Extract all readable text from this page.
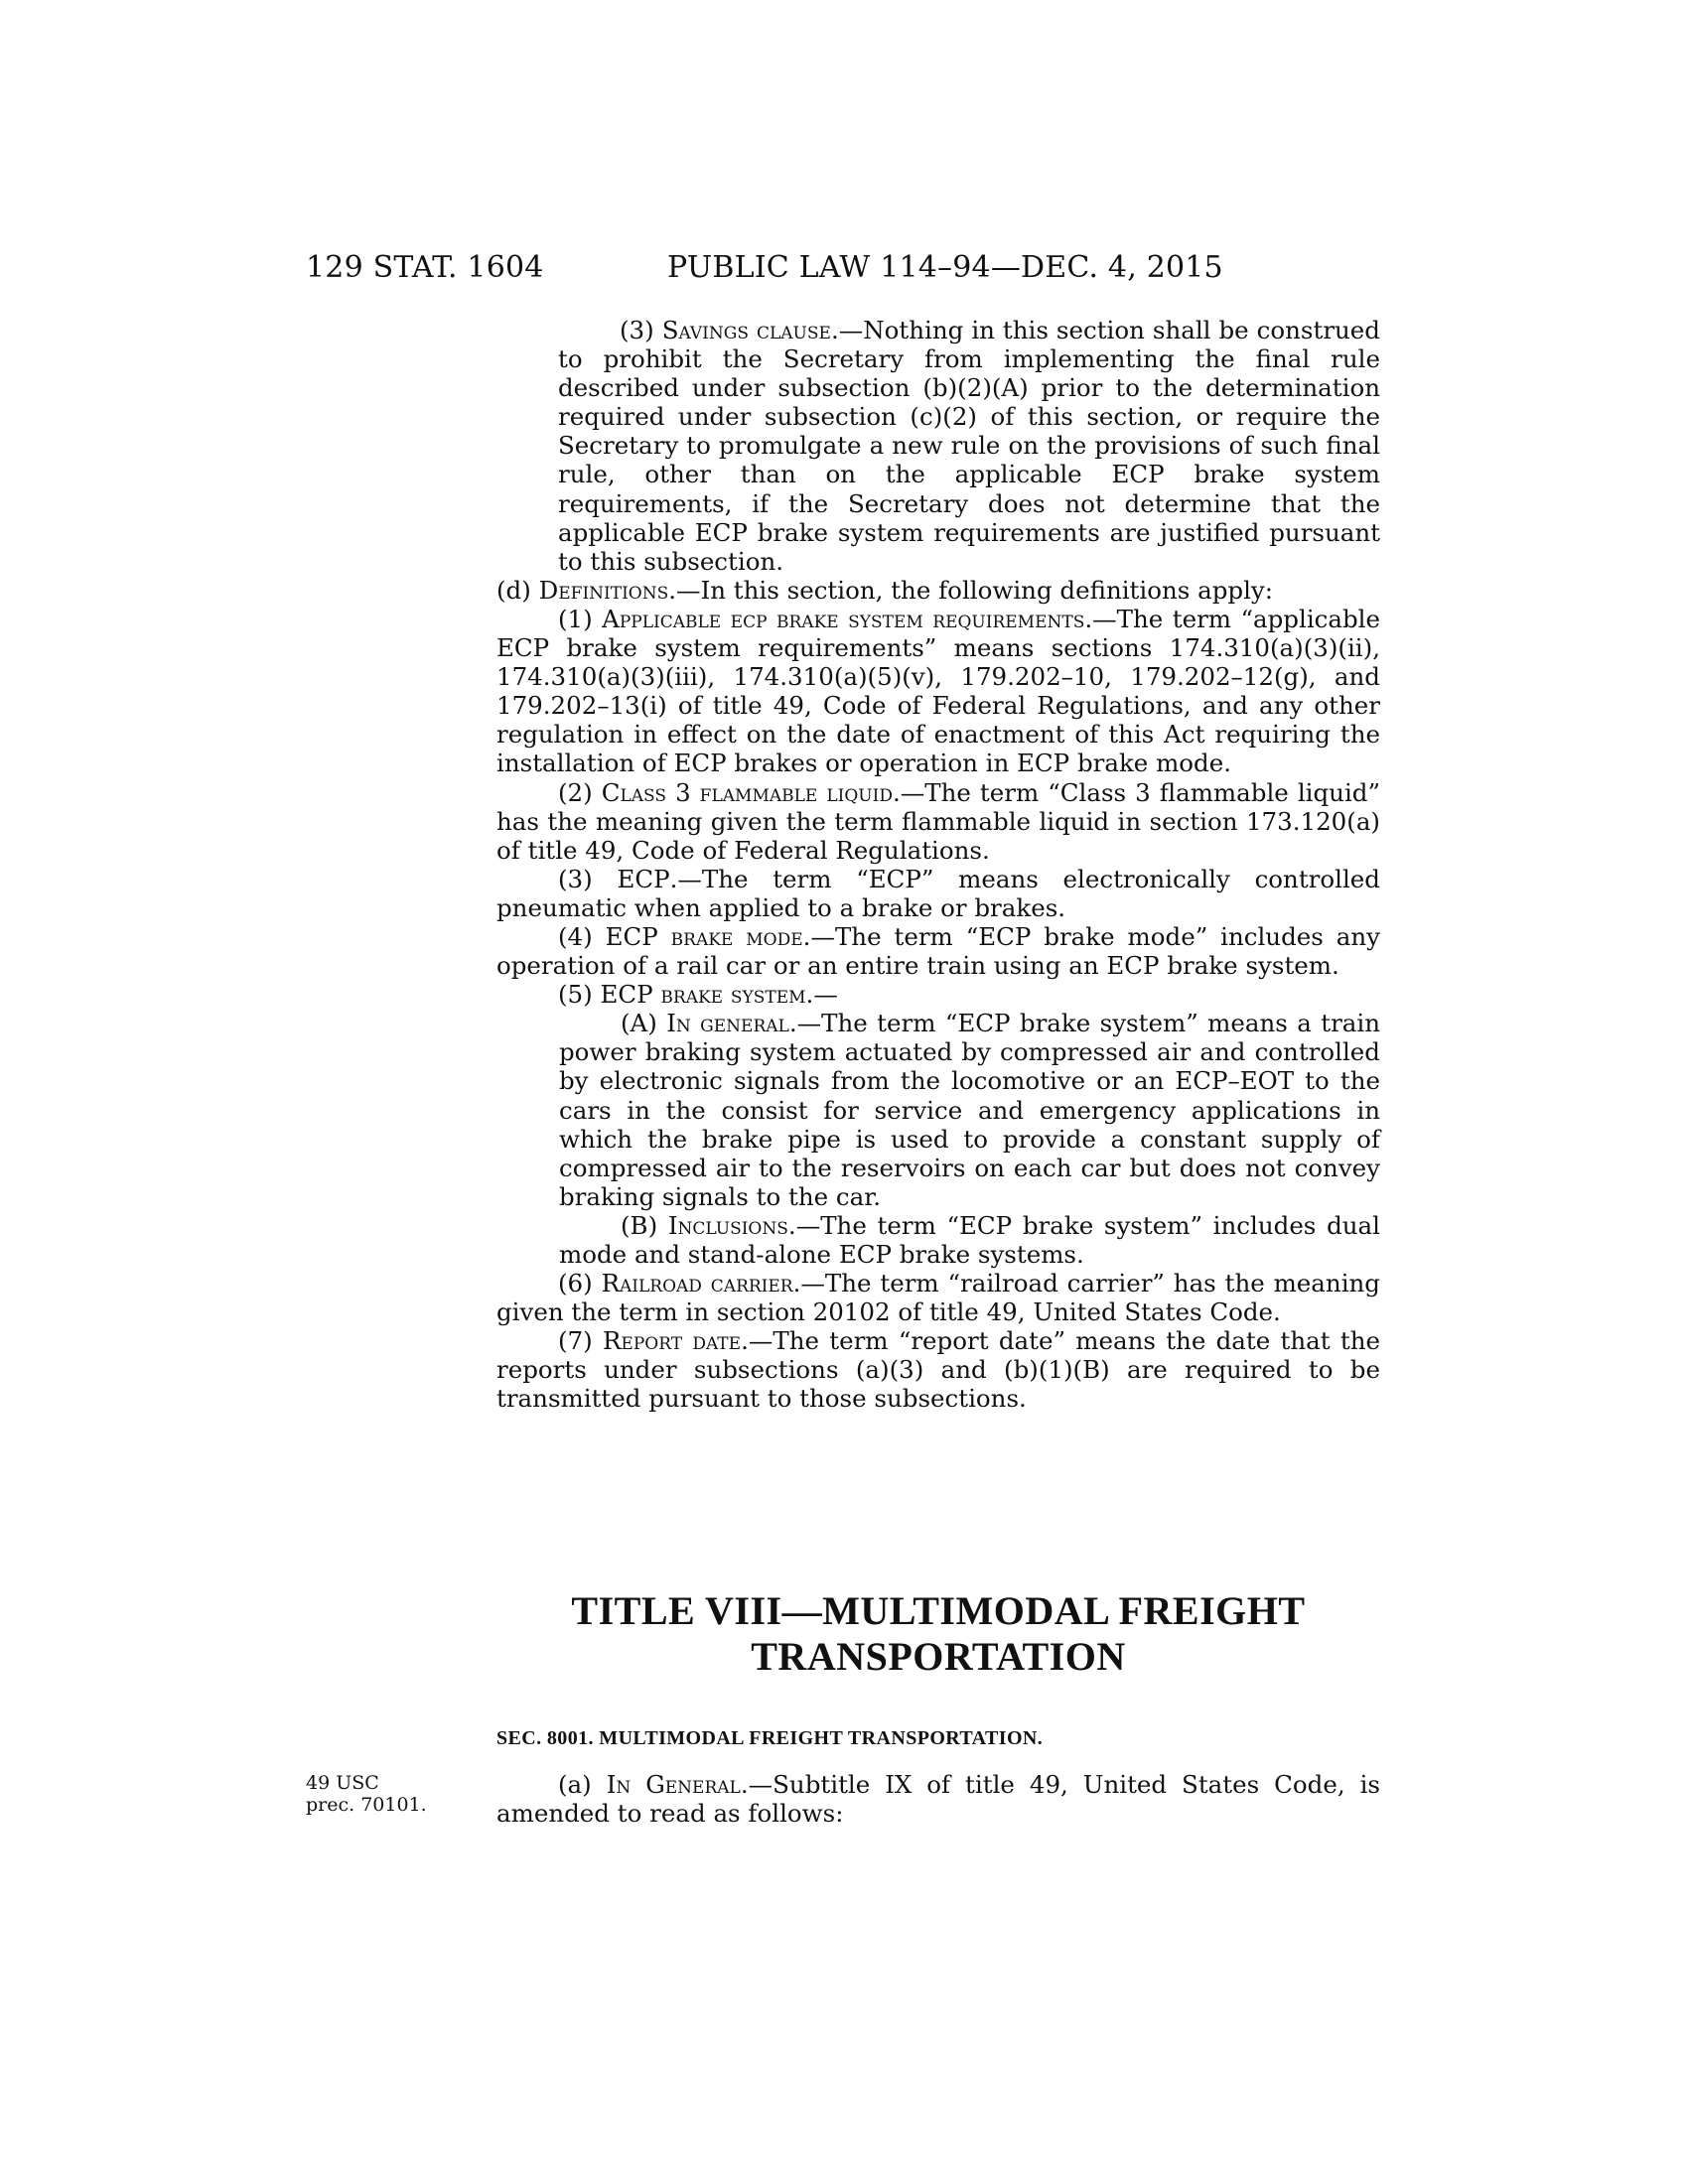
129 STAT. 1604	PUBLIC LAW 114–94—DEC. 4, 2015

(3) Savings clause.—Nothing in this section shall be construed to prohibit the Secretary from implementing the final rule described under subsection (b)(2)(A) prior to the determination required under subsection (c)(2) of this section, or require the Secretary to promulgate a new rule on the provisions of such final rule, other than on the applicable ECP brake system requirements, if the Secretary does not determine that the applicable ECP brake system requirements are justified pursuant to this subsection.

(d) Definitions.—In this section, the following definitions apply:

(1) Applicable ecp brake system requirements.—The term “applicable ECP brake system requirements” means sections 174.310(a)(3)(ii), 174.310(a)(3)(iii), 174.310(a)(5)(v), 179.202–10, 179.202–12(g), and 179.202–13(i) of title 49, Code of Federal Regulations, and any other regulation in effect on the date of enactment of this Act requiring the installation of ECP brakes or operation in ECP brake mode.

(2) Class 3 flammable liquid.—The term “Class 3 flammable liquid” has the meaning given the term flammable liquid in section 173.120(a) of title 49, Code of Federal Regulations.

(3) ECP.—The term “ECP” means electronically controlled pneumatic when applied to a brake or brakes.

(4) ECP brake mode.—The term “ECP brake mode” includes any operation of a rail car or an entire train using an ECP brake system.

(5) ECP brake system.—

(A) In general.—The term “ECP brake system” means a train power braking system actuated by compressed air and controlled by electronic signals from the locomotive or an ECP–EOT to the cars in the consist for service and emergency applications in which the brake pipe is used to provide a constant supply of compressed air to the reservoirs on each car but does not convey braking signals to the car.

(B) Inclusions.—The term “ECP brake system” includes dual mode and stand-alone ECP brake systems.

(6) Railroad carrier.—The term “railroad carrier” has the meaning given the term in section 20102 of title 49, United States Code.

(7) Report date.—The term “report date” means the date that the reports under subsections (a)(3) and (b)(1)(B) are required to be transmitted pursuant to those subsections.

TITLE VIII—MULTIMODAL FREIGHT
TRANSPORTATION
SEC. 8001. MULTIMODAL FREIGHT TRANSPORTATION.
49 USC
prec. 70101.

(a) In General.—Subtitle IX of title 49, United States Code, is amended to read as follows:
